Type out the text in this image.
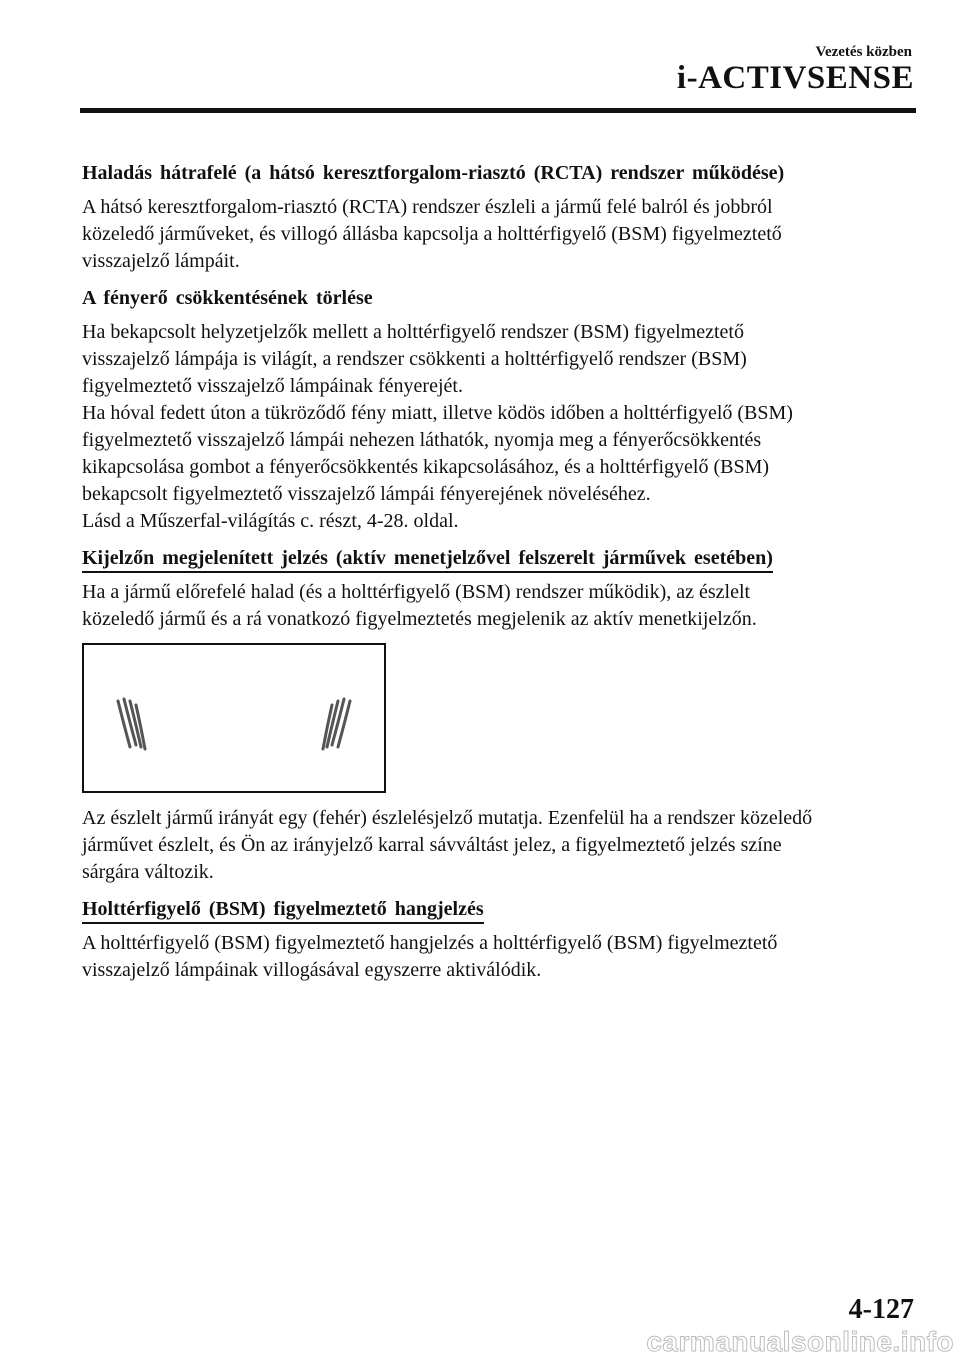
Vezetés közben
i-ACTIVSENSE
Haladás hátrafelé (a hátsó keresztforgalom-riasztó (RCTA) rendszer működése)
A hátsó keresztforgalom-riasztó (RCTA) rendszer észleli a jármű felé balról és jobbról
közeledő járműveket, és villogó állásba kapcsolja a holttérfigyelő (BSM) figyelmeztető
visszajelző lámpáit.
A fényerő csökkentésének törlése
Ha bekapcsolt helyzetjelzők mellett a holttérfigyelő rendszer (BSM) figyelmeztető
visszajelző lámpája is világít, a rendszer csökkenti a holttérfigyelő rendszer (BSM)
figyelmeztető visszajelző lámpáinak fényerejét.
Ha hóval fedett úton a tükröződő fény miatt, illetve ködös időben a holttérfigyelő (BSM)
figyelmeztető visszajelző lámpái nehezen láthatók, nyomja meg a fényerőcsökkentés
kikapcsolása gombot a fényerőcsökkentés kikapcsolásához, és a holttérfigyelő (BSM)
bekapcsolt figyelmeztető visszajelző lámpái fényerejének növeléséhez.
Lásd a Műszerfal-világítás c. részt, 4-28. oldal.
Kijelzőn megjelenített jelzés (aktív menetjelzővel felszerelt járművek esetében)
Ha a jármű előrefelé halad (és a holttérfigyelő (BSM) rendszer működik), az észlelt
közeledő jármű és a rá vonatkozó figyelmeztetés megjelenik az aktív menetkijelzőn.
Az észlelt jármű irányát egy (fehér) észlelésjelző mutatja. Ezenfelül ha a rendszer közeledő
járművet észlelt, és Ön az irányjelző karral sávváltást jelez, a figyelmeztető jelzés színe
sárgára változik.
Holttérfigyelő (BSM) figyelmeztető hangjelzés
A holttérfigyelő (BSM) figyelmeztető hangjelzés a holttérfigyelő (BSM) figyelmeztető
visszajelző lámpáinak villogásával egyszerre aktiválódik.
4-127
carmanualsonline.info
